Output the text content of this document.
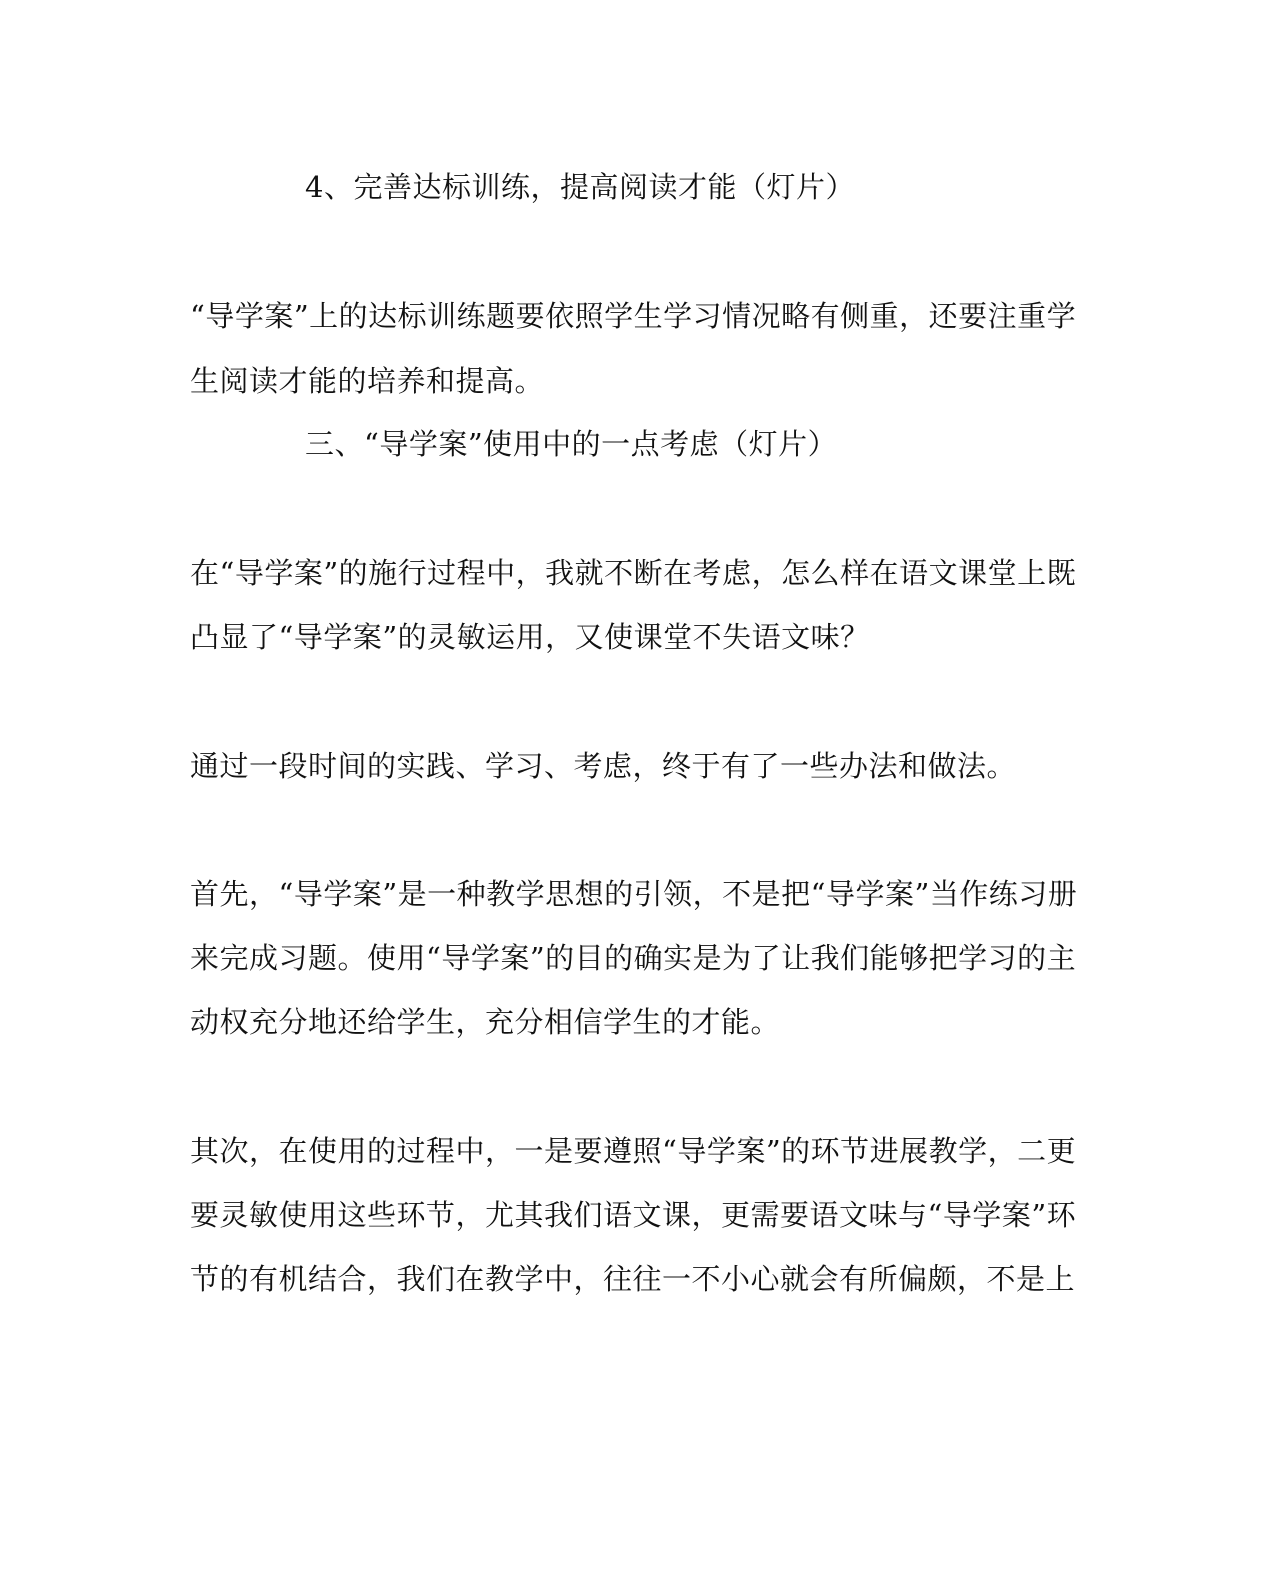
4、完善达标训练，提高阅读才能（灯片）
“导学案”上的达标训练题要依照学生学习情况略有侧重，还要注重学
生阅读才能的培养和提高。
三、“导学案”使用中的一点考虑（灯片）
在“导学案”的施行过程中，我就不断在考虑，怎么样在语文课堂上既
凸显了“导学案”的灵敏运用，又使课堂不失语文味？
通过一段时间的实践、学习、考虑，终于有了一些办法和做法。
首先，“导学案”是一种教学思想的引领，不是把“导学案”当作练习册
来完成习题。使用“导学案”的目的确实是为了让我们能够把学习的主
动权充分地还给学生，充分相信学生的才能。
其次，在使用的过程中，一是要遵照“导学案”的环节进展教学，二更
要灵敏使用这些环节，尤其我们语文课，更需要语文味与“导学案”环
节的有机结合，我们在教学中，往往一不小心就会有所偏颇，不是上
